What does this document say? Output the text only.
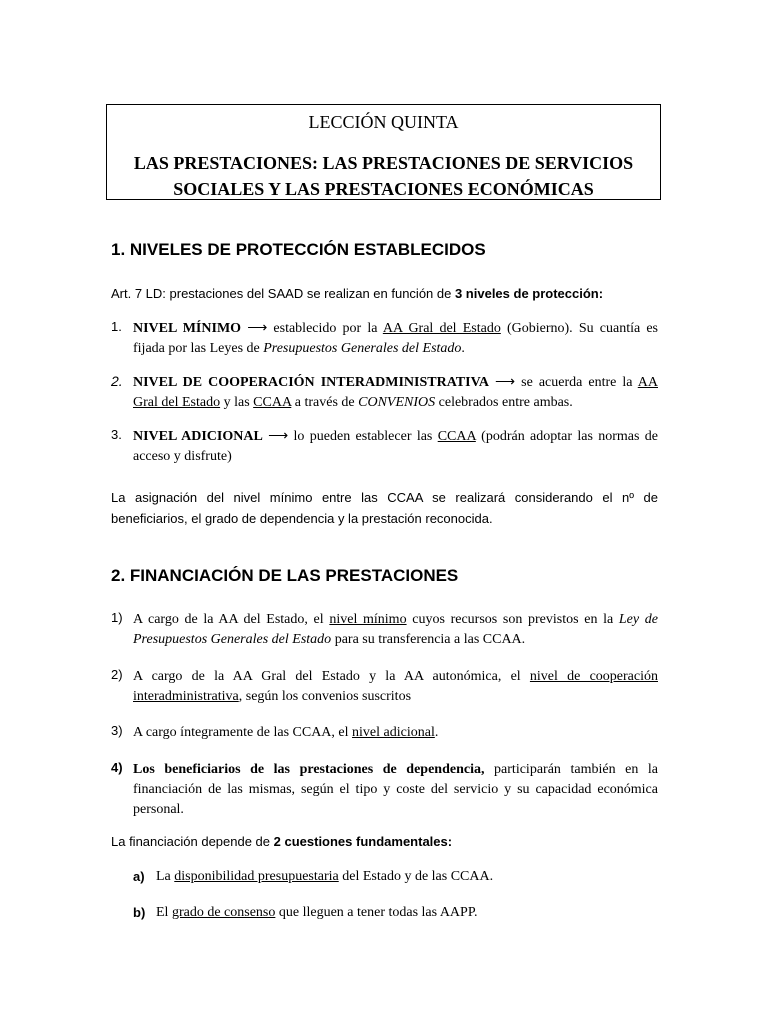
LECCIÓN QUINTA
LAS PRESTACIONES: LAS PRESTACIONES DE SERVICIOS
SOCIALES Y LAS PRESTACIONES ECONÓMICAS
1. NIVELES DE PROTECCIÓN ESTABLECIDOS
Art. 7 LD: prestaciones del SAAD se realizan en función de 3 niveles de protección:
1. NIVEL MÍNIMO ⟶ establecido por la AA Gral del Estado (Gobierno). Su cuantía es fijada por las Leyes de Presupuestos Generales del Estado.
2. NIVEL DE COOPERACIÓN INTERADMINISTRATIVA ⟶ se acuerda entre la AA Gral del Estado y las CCAA a través de CONVENIOS celebrados entre ambas.
3. NIVEL ADICIONAL ⟶ lo pueden establecer las CCAA (podrán adoptar las normas de acceso y disfrute)
La asignación del nivel mínimo entre las CCAA se realizará considerando el nº de beneficiarios, el grado de dependencia y la prestación reconocida.
2. FINANCIACIÓN DE LAS PRESTACIONES
1) A cargo de la AA del Estado, el nivel mínimo cuyos recursos son previstos en la Ley de Presupuestos Generales del Estado para su transferencia a las CCAA.
2) A cargo de la AA Gral del Estado y la AA autonómica, el nivel de cooperación interadministrativa, según los convenios suscritos
3) A cargo íntegramente de las CCAA, el nivel adicional.
4) Los beneficiarios de las prestaciones de dependencia, participarán también en la financiación de las mismas, según el tipo y coste del servicio y su capacidad económica personal.
La financiación depende de 2 cuestiones fundamentales:
a) La disponibilidad presupuestaria del Estado y de las CCAA.
b) El grado de consenso que lleguen a tener todas las AAPP.
